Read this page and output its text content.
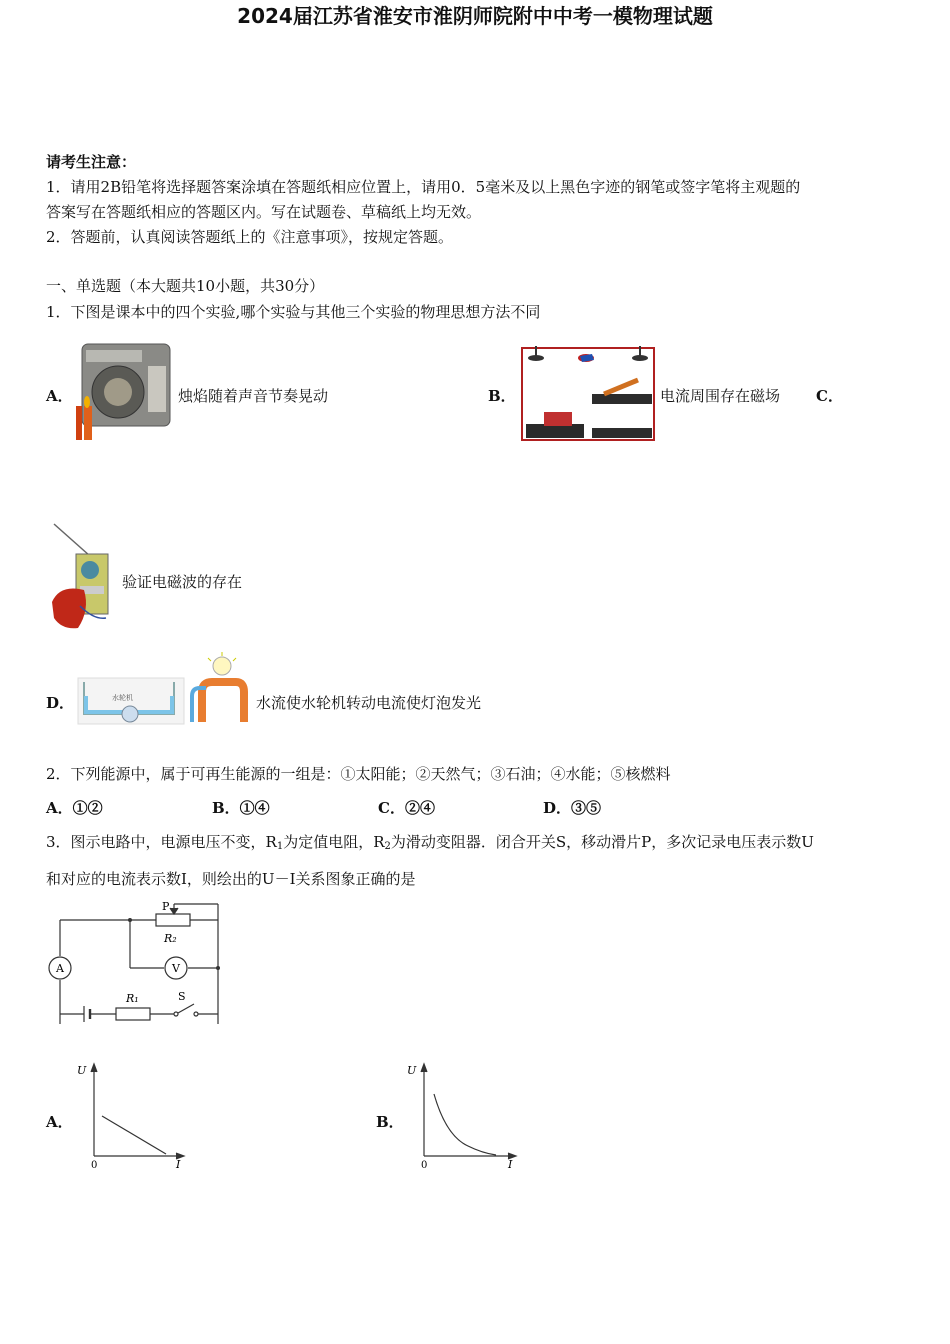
2024届江苏省淮安市淮阴师院附中中考一模物理试题
请考生注意：
1．请用2B铅笔将选择题答案涂填在答题纸相应位置上，请用0．5毫米及以上黑色字迹的钢笔或签字笔将主观题的
答案写在答题纸相应的答题区内。写在试题卷、草稿纸上均无效。
2．答题前，认真阅读答题纸上的《注意事项》，按规定答题。
一、单选题（本大题共10小题，共30分）
1．下图是课本中的四个实验,哪个实验与其他三个实验的物理思想方法不同
A．	烛焰随着声音节奏晃动	B．	电流周围存在磁场 C．
验证电磁波的存在
D．	水轮机	水流使水轮机转动电流使灯泡发光
2．下列能源中，属于可再生能源的一组是：①太阳能；②天然气；③石油；④水能；⑤核燃料
A．①②	B．①④	C．②④	D．③⑤
3．图示电路中，电源电压不变，$R_1$为定值电阻，$R_2$为滑动变阻器．闭合开关S，移动滑片P，多次记录电压表示数U
和对应的电流表示数I，则绘出的U－I关系图象正确的是
P
R₂
A	V
R₁	S
A．
U
0	I
B．
U
0	I
